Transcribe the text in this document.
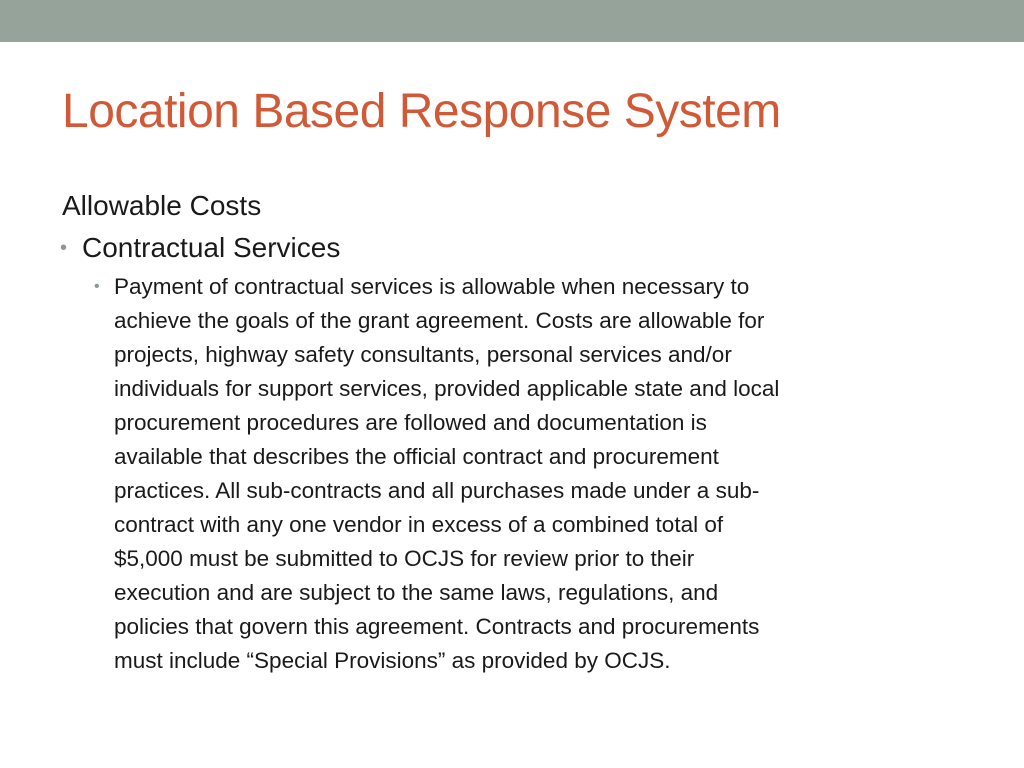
Location Based Response System
Allowable Costs
• Contractual Services
• Payment of contractual services is allowable when necessary to
achieve the goals of the grant agreement. Costs are allowable for
projects, highway safety consultants, personal services and/or
individuals for support services, provided applicable state and local
procurement procedures are followed and documentation is
available that describes the official contract and procurement
practices. All sub-contracts and all purchases made under a sub-
contract with any one vendor in excess of a combined total of
$5,000 must be submitted to OCJS for review prior to their
execution and are subject to the same laws, regulations, and
policies that govern this agreement. Contracts and procurements
must include “Special Provisions” as provided by OCJS.
